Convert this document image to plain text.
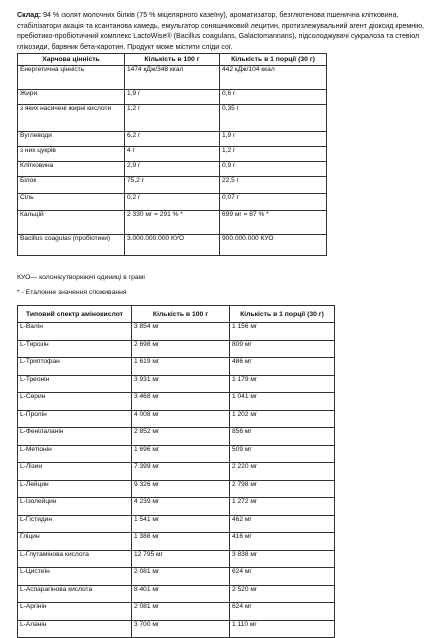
Склад: 94 % ізолят молочних білків (75 % міцелярного казеїну), ароматизатор, безглютенова пшенична клітковина, стабілізатори акація та ксантанова камедь, емульгатор соняшниковий лецитин, протизлежувальний агент діоксид кремнію, пребіотико-пробіотичний комплекс LactoWise® (Bacillus coagulans, Galactomannans), підсолоджувачі сукралоза та стевіол глікозиди, барвник бета-каротин. Продукт може містити сліди сої.
Харчова цінність	Кількість в 100 г	Кількість в 1 порції (30 г)
Енергетична цінність	1474 кДж/348 ккал	442 кДж/104 ккал
Жири	1,9 г	0,6 г
з яких насичені жирні кислоти	1,2 г	0,35 г
Вуглеводи	6,2 г	1,9 г
з них цукрів	4 г	1,2 г
Клітковина	2,9 г	0,9 г
Білок	75,2 г	22,5 г
Сіль	0,2 г	0,07 г
Кальцій	2 330 мг = 291 % *	699 мг = 87 % *
Bacillus coagulas (пробіотики)	3.000.000.000 КУО	900.000.000 КУО
КУО— колонієутворюючі одиниці в грамі
* - Еталонне значення споживання
Типовий спектр амінокислот	Кількість в 100 г	Кількість в 1 порції (30 г)
L-Валін	3 854 мг	1 156 мг
L-Тирозін	2 698 мг	809 мг
L-Триптофан	1 619 мг	486 мг
L-Треонін	3 931 мг	1 179 мг
L-Серин	3 468 мг	1 041 мг
L-Пролін	4 008 мг	1 202 мг
L-Фенілаланін	2 852 мг	856 мг
L-Метіонін	1 696 мг	509 мг
L-Лізин	7 399 мг	2 220 мг
L-Лейцин	9 326 мг	2 798 мг
L-Ізолейцин	4 239 мг	1 272 мг
L-Гістидин	1 541 мг	462 мг
Гліцин	1 388 мг	416 мг
L-Глутамінова кислота	12 795 мг	3 838 мг
L-Цистеїн	2 081 мг	624 мг
L-Аспарагінова кислота	8 401 мг	2 520 мг
L-Аргінін	2 081 мг	624 мг
L-Аланін	3 700 мг	1 110 мг
